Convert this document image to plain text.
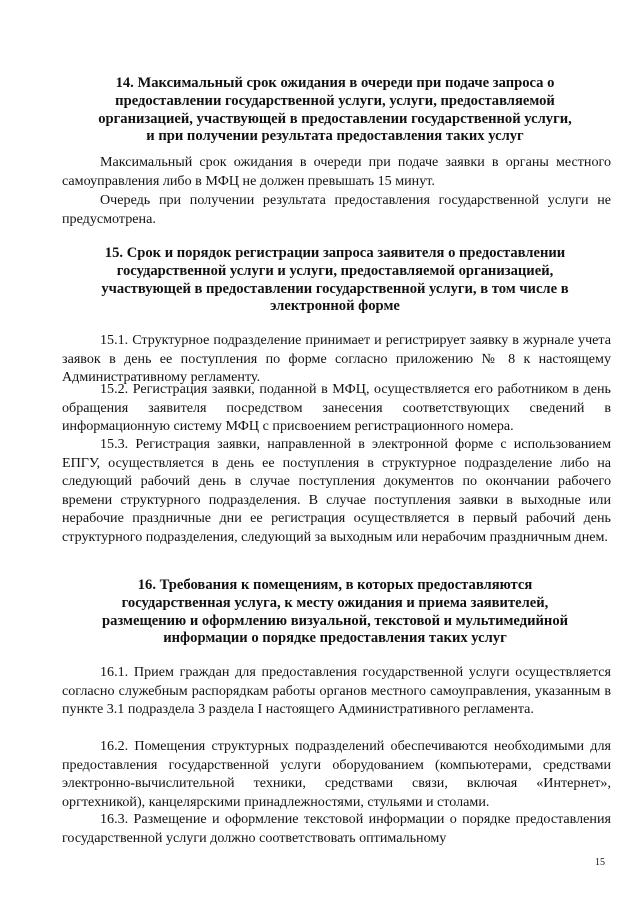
14. Максимальный срок ожидания в очереди при подаче запроса о предоставлении государственной услуги, услуги, предоставляемой организацией, участвующей в предоставлении государственной услуги, и при получении результата предоставления таких услуг
Максимальный срок ожидания в очереди при подаче заявки в органы местного самоуправления либо в МФЦ не должен превышать 15 минут.
Очередь при получении результата предоставления государственной услуги не предусмотрена.
15. Срок и порядок регистрации запроса заявителя о предоставлении государственной услуги и услуги, предоставляемой организацией, участвующей в предоставлении государственной услуги, в том числе в электронной форме
15.1. Структурное подразделение принимает и регистрирует заявку в журнале учета заявок в день ее поступления по форме согласно приложению № 8 к настоящему Административному регламенту.
15.2. Регистрация заявки, поданной в МФЦ, осуществляется его работником в день обращения заявителя посредством занесения соответствующих сведений в информационную систему МФЦ с присвоением регистрационного номера.
15.3. Регистрация заявки, направленной в электронной форме с использованием ЕПГУ, осуществляется в день ее поступления в структурное подразделение либо на следующий рабочий день в случае поступления документов по окончании рабочего времени структурного подразделения. В случае поступления заявки в выходные или нерабочие праздничные дни ее регистрация осуществляется в первый рабочий день структурного подразделения, следующий за выходным или нерабочим праздничным днем.
16. Требования к помещениям, в которых предоставляются государственная услуга, к месту ожидания и приема заявителей, размещению и оформлению визуальной, текстовой и мультимедийной информации о порядке предоставления таких услуг
16.1. Прием граждан для предоставления государственной услуги осуществляется согласно служебным распорядкам работы органов местного самоуправления, указанным в пункте 3.1 подраздела 3 раздела I настоящего Административного регламента.
16.2. Помещения структурных подразделений обеспечиваются необходимыми для предоставления государственной услуги оборудованием (компьютерами, средствами электронно-вычислительной техники, средствами связи, включая «Интернет», оргтехникой), канцелярскими принадлежностями, стульями и столами.
16.3. Размещение и оформление текстовой информации о порядке предоставления государственной услуги должно соответствовать оптимальному
15
